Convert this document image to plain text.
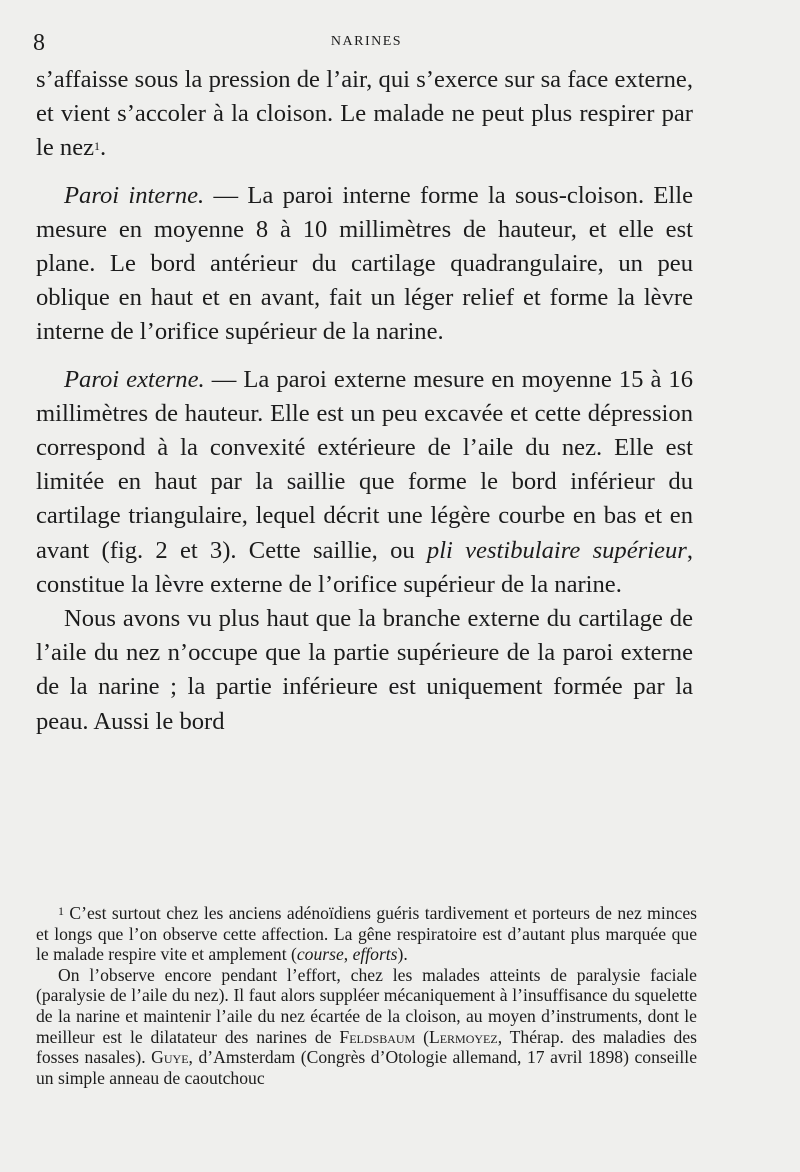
8	NARINES

s’affaisse sous la pression de l’air, qui s’exerce sur sa face externe, et vient s’accoler à la cloison. Le malade ne peut plus respirer par le nez$^1$.

Paroi interne. — La paroi interne forme la sous-cloison. Elle mesure en moyenne 8 à 10 millimètres de hauteur, et elle est plane. Le bord antérieur du cartilage quadrangulaire, un peu oblique en haut et en avant, fait un léger relief et forme la lèvre interne de l’orifice supérieur de la narine.

Paroi externe. — La paroi externe mesure en moyenne 15 à 16 millimètres de hauteur. Elle est un peu excavée et cette dépression correspond à la convexité extérieure de l’aile du nez. Elle est limitée en haut par la saillie que forme le bord inférieur du cartilage triangulaire, lequel décrit une légère courbe en bas et en avant (fig. 2 et 3). Cette saillie, ou pli vestibulaire supérieur, constitue la lèvre externe de l’orifice supérieur de la narine.

Nous avons vu plus haut que la branche externe du cartilage de l’aile du nez n’occupe que la partie supérieure de la paroi externe de la narine ; la partie inférieure est uniquement formée par la peau. Aussi le bord

$^1$ C’est surtout chez les anciens adénoïdiens guéris tardivement et porteurs de nez minces et longs que l’on observe cette affection. La gêne respiratoire est d’autant plus marquée que le malade respire vite et amplement (course, efforts).

On l’observe encore pendant l’effort, chez les malades atteints de paralysie faciale (paralysie de l’aile du nez). Il faut alors suppléer mécaniquement à l’insuffisance du squelette de la narine et maintenir l’aile du nez écartée de la cloison, au moyen d’instruments, dont le meilleur est le dilatateur des narines de Feldsbaum (Lermoyez, Thérap. des maladies des fosses nasales). Guye, d’Amsterdam (Congrès d’Otologie allemand, 17 avril 1898) conseille un simple anneau de caoutchouc
